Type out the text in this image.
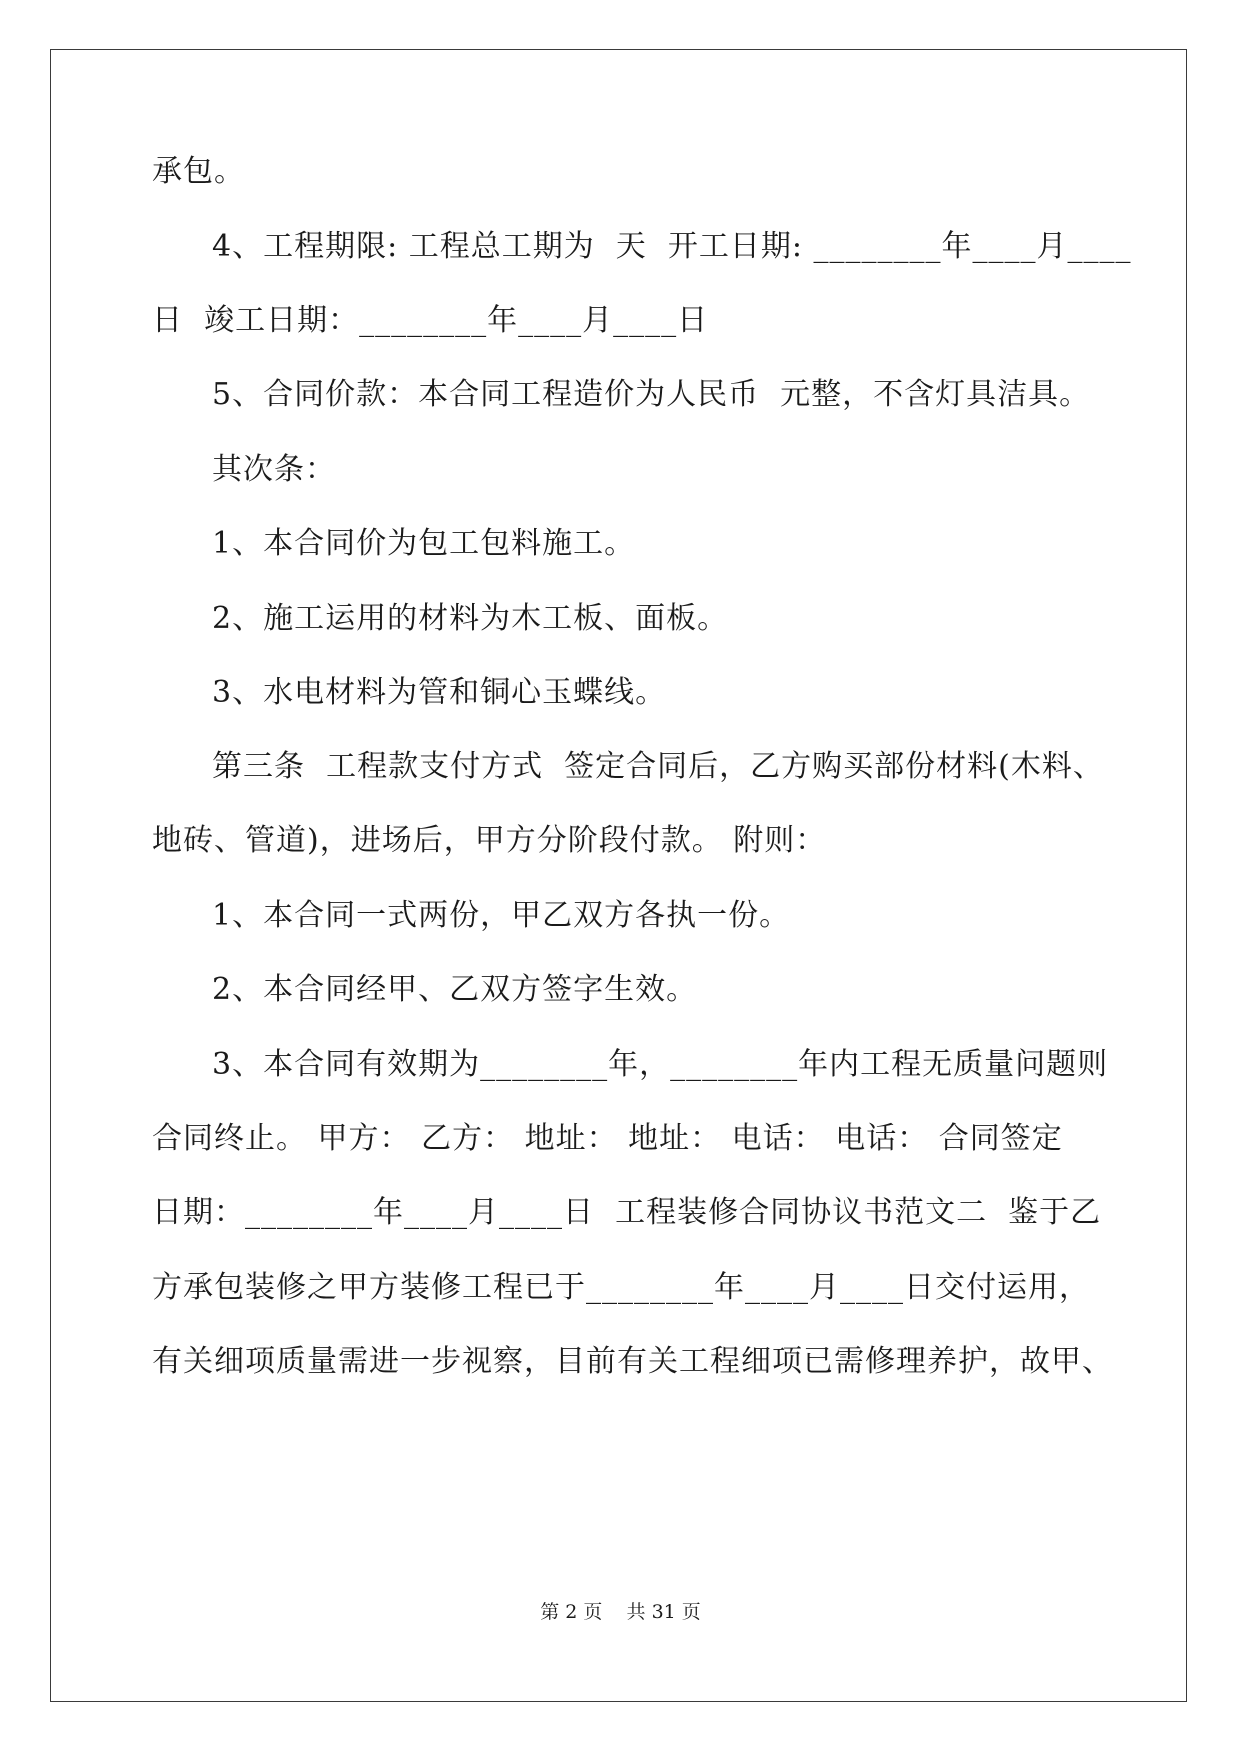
承包。
4、工程期限: 工程总工期为  天  开工日期: ________年____月____
日  竣工日期：________年____月____日
5、合同价款：本合同工程造价为人民币  元整，不含灯具洁具。
其次条：
1、本合同价为包工包料施工。
2、施工运用的材料为木工板、面板。
3、水电材料为管和铜心玉蝶线。
第三条  工程款支付方式  签定合同后，乙方购买部份材料(木料、
地砖、管道)，进场后，甲方分阶段付款。 附则：
1、本合同一式两份，甲乙双方各执一份。
2、本合同经甲、乙双方签字生效。
3、本合同有效期为________年，________年内工程无质量问题则
合同终止。 甲方： 乙方： 地址： 地址： 电话： 电话： 合同签定
日期：________年____月____日  工程装修合同协议书范文二  鉴于乙
方承包装修之甲方装修工程已于________年____月____日交付运用，
有关细项质量需进一步视察，目前有关工程细项已需修理养护，故甲、
第 2 页    共 31 页
